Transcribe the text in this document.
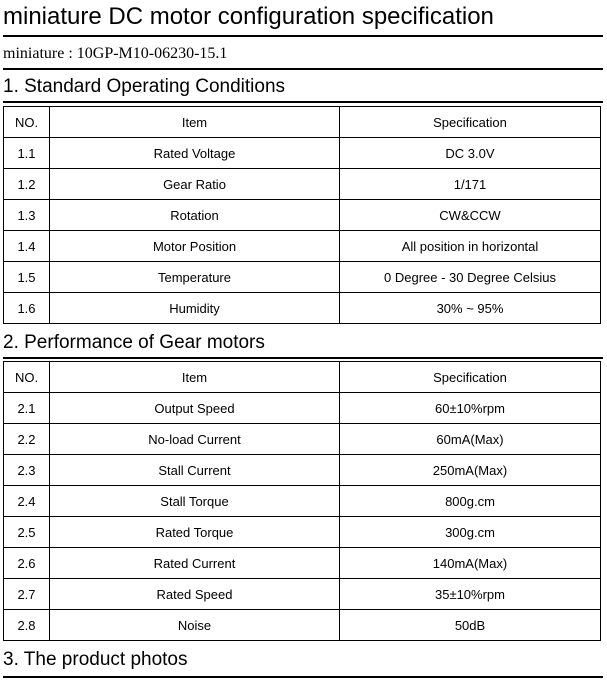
miniature DC motor configuration specification
miniature : 10GP-M10-06230-15.1
1. Standard Operating Conditions
NO.	Item	Specification
1.1	Rated Voltage	DC 3.0V
1.2	Gear Ratio	1/171
1.3	Rotation	CW&CCW
1.4	Motor Position	All position in horizontal
1.5	Temperature	0 Degree - 30 Degree Celsius
1.6	Humidity	30% ~ 95%
2. Performance of Gear motors
NO.	Item	Specification
2.1	Output Speed	60±10%rpm
2.2	No-load Current	60mA(Max)
2.3	Stall Current	250mA(Max)
2.4	Stall Torque	800g.cm
2.5	Rated Torque	300g.cm
2.6	Rated Current	140mA(Max)
2.7	Rated Speed	35±10%rpm
2.8	Noise	50dB
3. The product photos
